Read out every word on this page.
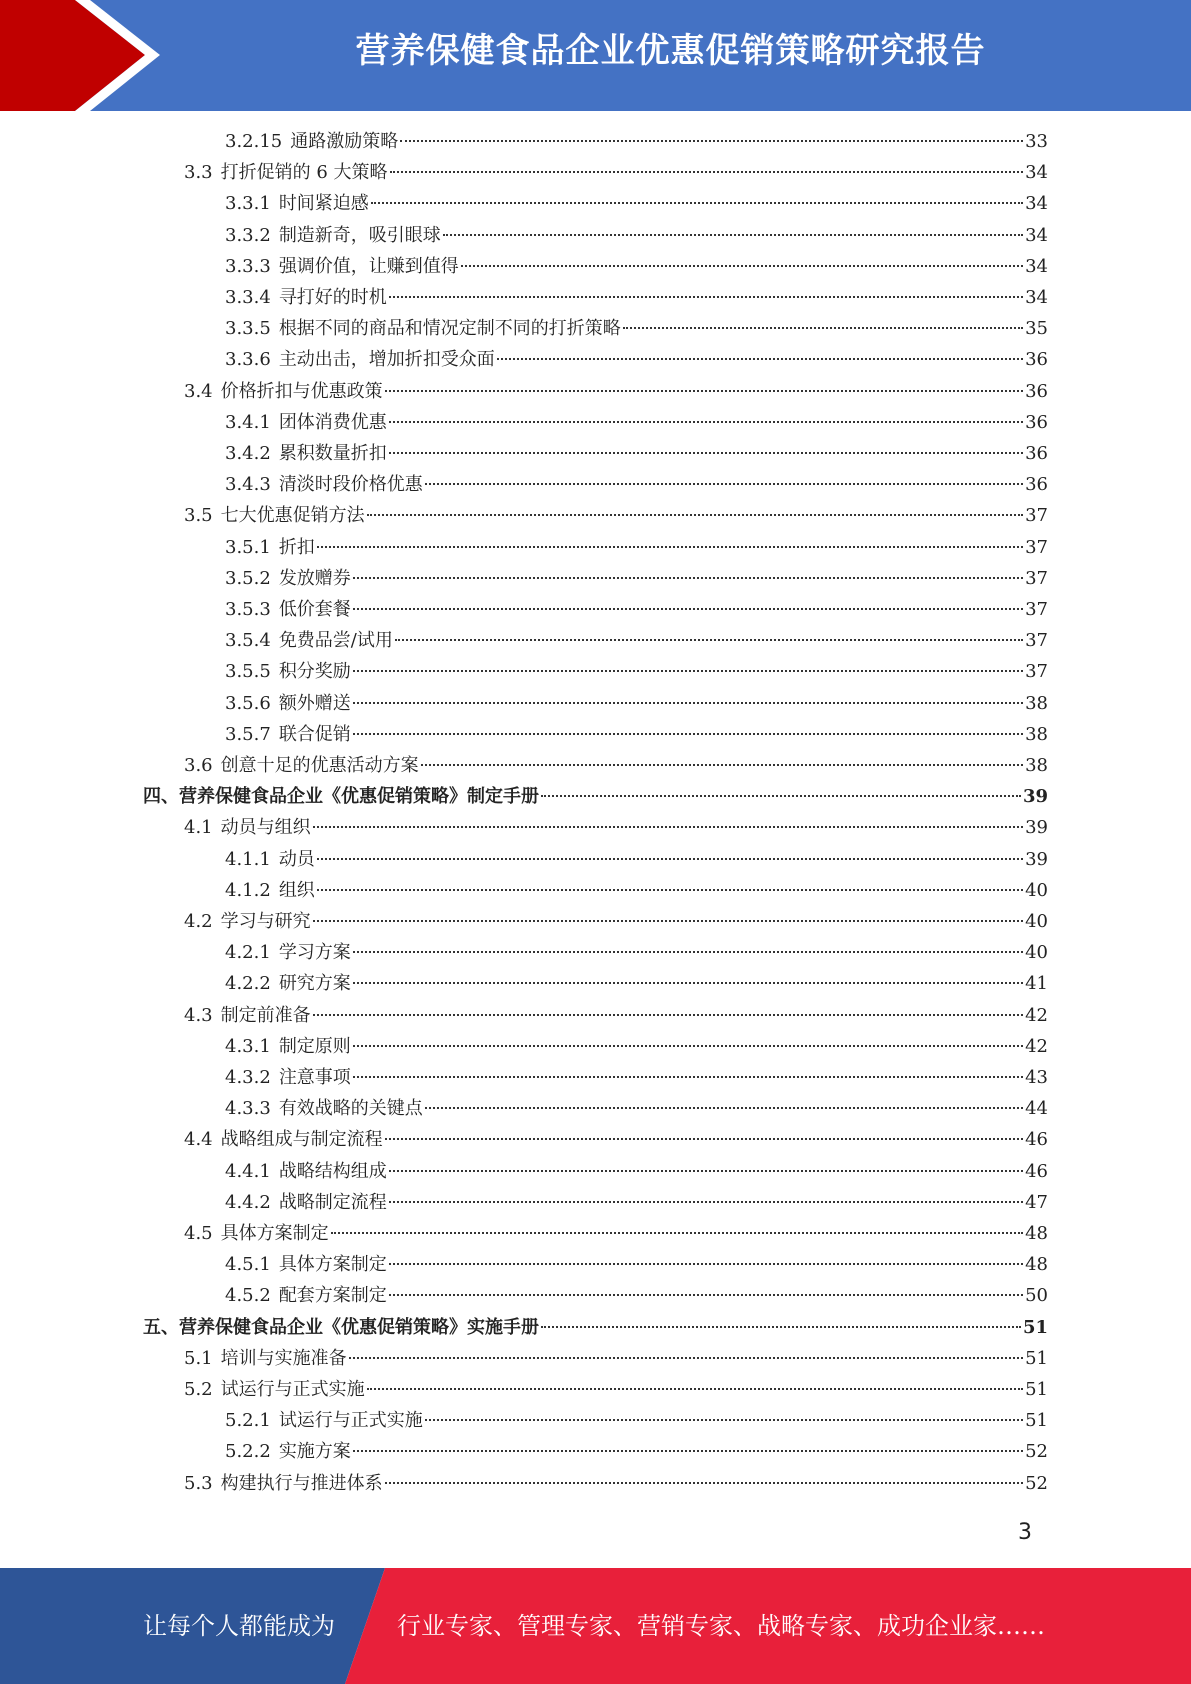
营养保健食品企业优惠促销策略研究报告
3.2.15 通路激励策略	33
3.3 打折促销的 6 大策略	34
3.3.1 时间紧迫感	34
3.3.2 制造新奇，吸引眼球	34
3.3.3 强调价值，让赚到值得	34
3.3.4 寻打好的时机	34
3.3.5 根据不同的商品和情况定制不同的打折策略	35
3.3.6 主动出击，增加折扣受众面	36
3.4 价格折扣与优惠政策	36
3.4.1 团体消费优惠	36
3.4.2 累积数量折扣	36
3.4.3 清淡时段价格优惠	36
3.5 七大优惠促销方法	37
3.5.1 折扣	37
3.5.2 发放赠券	37
3.5.3 低价套餐	37
3.5.4 免费品尝/试用	37
3.5.5 积分奖励	37
3.5.6 额外赠送	38
3.5.7 联合促销	38
3.6 创意十足的优惠活动方案	38
四、营养保健食品企业《优惠促销策略》制定手册	39
4.1 动员与组织	39
4.1.1 动员	39
4.1.2 组织	40
4.2 学习与研究	40
4.2.1 学习方案	40
4.2.2 研究方案	41
4.3 制定前准备	42
4.3.1 制定原则	42
4.3.2 注意事项	43
4.3.3 有效战略的关键点	44
4.4 战略组成与制定流程	46
4.4.1 战略结构组成	46
4.4.2 战略制定流程	47
4.5 具体方案制定	48
4.5.1 具体方案制定	48
4.5.2 配套方案制定	50
五、营养保健食品企业《优惠促销策略》实施手册	51
5.1 培训与实施准备	51
5.2 试运行与正式实施	51
5.2.1 试运行与正式实施	51
5.2.2 实施方案	52
5.3 构建执行与推进体系	52
3
让每个人都能成为	行业专家、管理专家、营销专家、战略专家、成功企业家……
